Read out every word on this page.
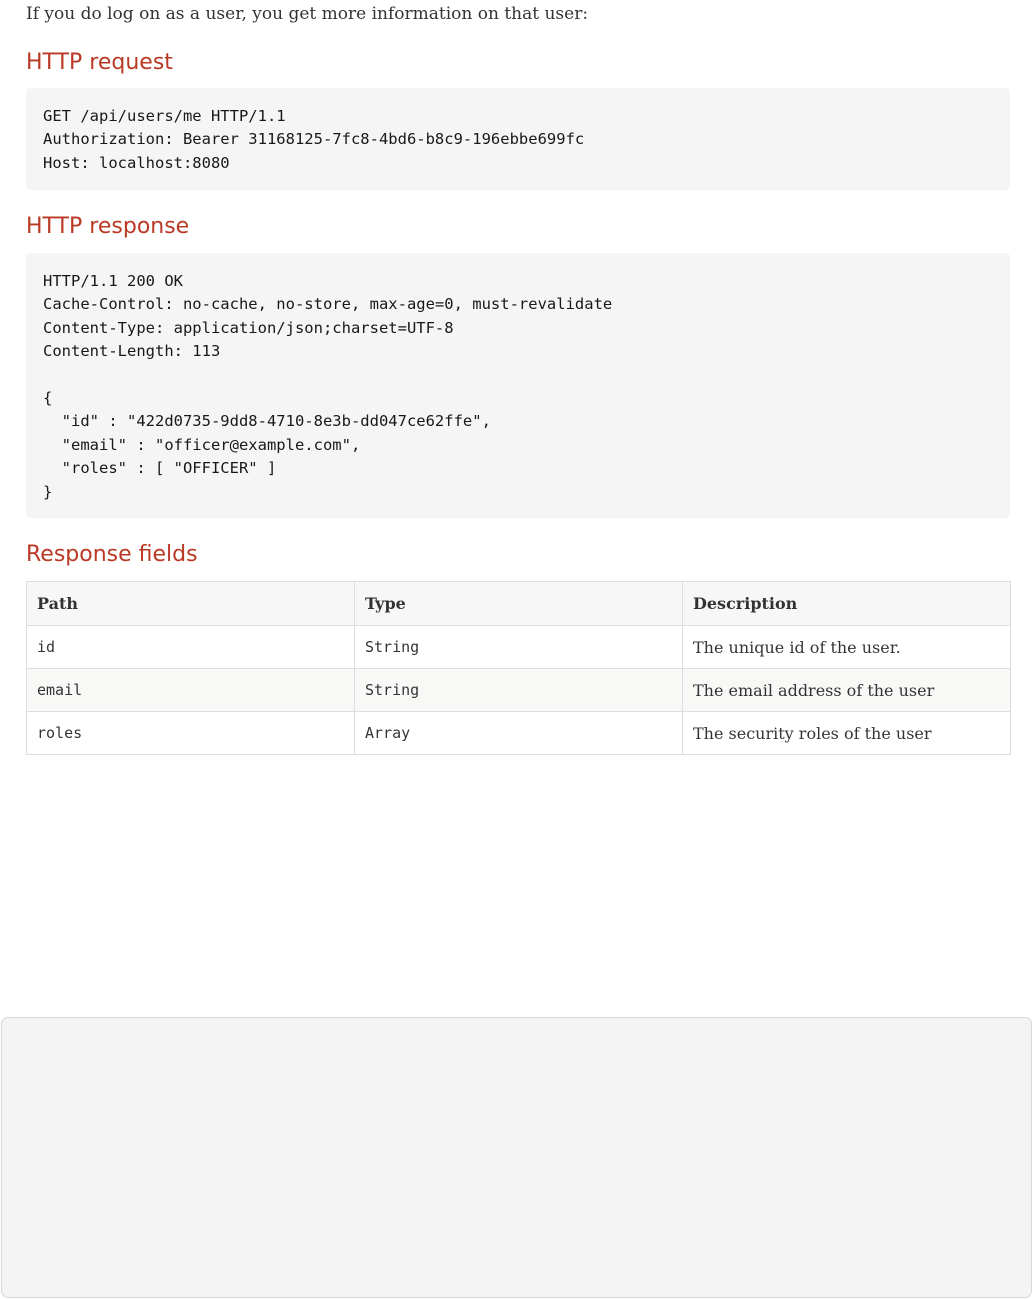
If you do log on as a user, you get more information on that user:

HTTP request
GET /api/users/me HTTP/1.1
Authorization: Bearer 31168125-7fc8-4bd6-b8c9-196ebbe699fc
Host: localhost:8080
HTTP response
HTTP/1.1 200 OK
Cache-Control: no-cache, no-store, max-age=0, must-revalidate
Content-Type: application/json;charset=UTF-8
Content-Length: 113

{
"id" : "422d0735-9dd8-4710-8e3b-dd047ce62ffe",
"email" : "officer@example.com",
"roles" : [ "OFFICER" ]
}
Response fields
Path	Type	Description
id	String	The unique id of the user.
email	String	The email address of the user
roles	Array	The security roles of the user
